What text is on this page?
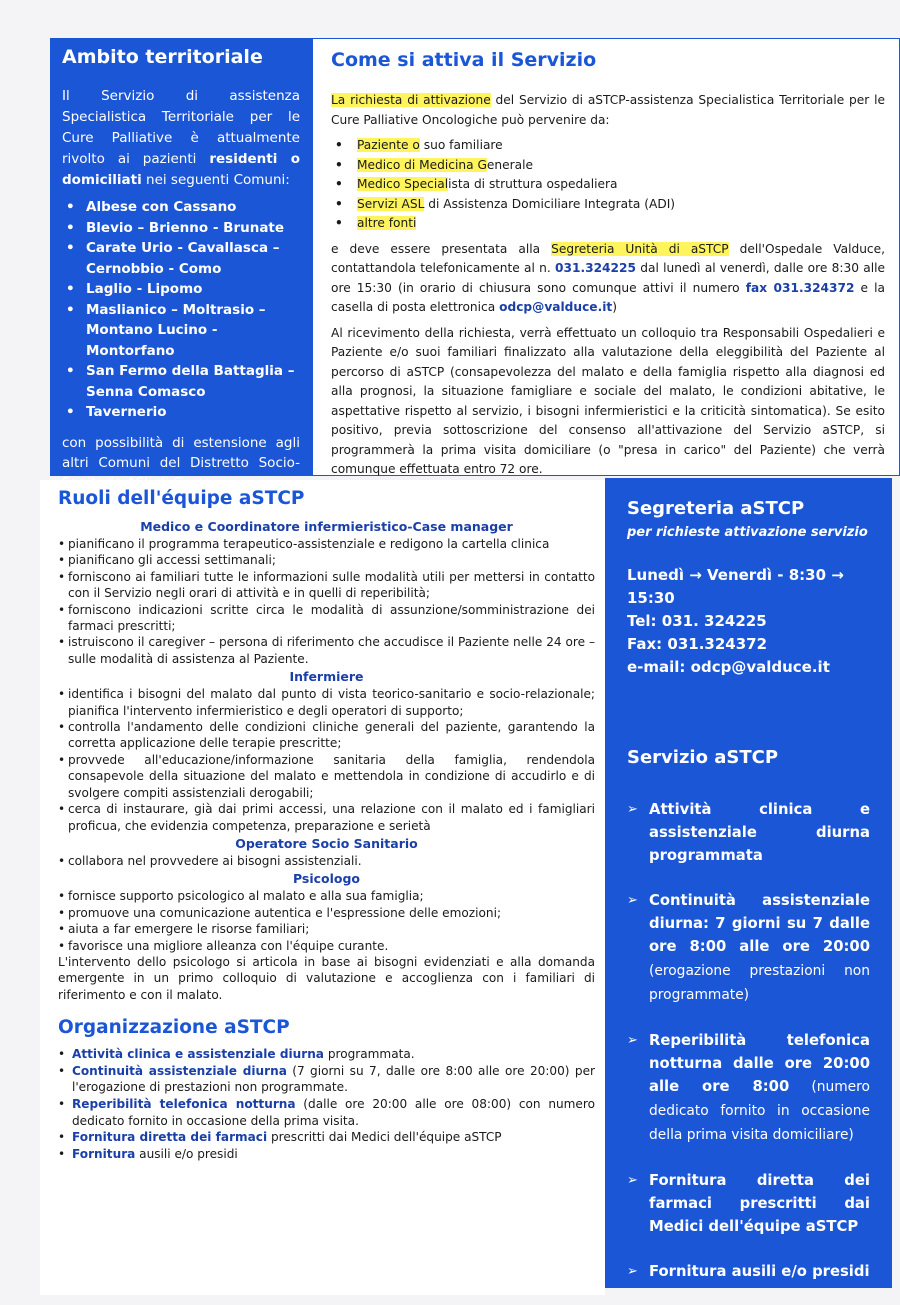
Ambito territoriale

Il Servizio di assistenza Specialistica Territoriale per le Cure Palliative è attualmente rivolto ai pazienti residenti o domiciliati nei seguenti Comuni:

• Albese con Cassano
• Blevio – Brienno - Brunate
• Carate Urio - Cavallasca – Cernobbio - Como
• Laglio - Lipomo
• Maslianico – Moltrasio – Montano Lucino - Montorfano
• San Fermo della Battaglia – Senna Comasco
• Tavernerio

con possibilità di estensione agli altri Comuni del Distretto Socio-

Come si attiva il Servizio

La richiesta di attivazione del Servizio di aSTCP-assistenza Specialistica Territoriale per le Cure Palliative Oncologiche può pervenire da:

• Paziente o suo familiare
• Medico di Medicina Generale
• Medico Specialista di struttura ospedaliera
• Servizi ASL di Assistenza Domiciliare Integrata (ADI)
• altre fonti

e deve essere presentata alla Segreteria Unità di aSTCP dell'Ospedale Valduce, contattandola telefonicamente al n. 031.324225 dal lunedì al venerdì, dalle ore 8:30 alle ore 15:30 (in orario di chiusura sono comunque attivi il numero fax 031.324372 e la casella di posta elettronica odcp@valduce.it)

Al ricevimento della richiesta, verrà effettuato un colloquio tra Responsabili Ospedalieri e Paziente e/o suoi familiari finalizzato alla valutazione della eleggibilità del Paziente al percorso di aSTCP (consapevolezza del malato e della famiglia rispetto alla diagnosi ed alla prognosi, la situazione famigliare e sociale del malato, le condizioni abitative, le aspettative rispetto al servizio, i bisogni infermieristici e la criticità sintomatica). Se esito positivo, previa sottoscrizione del consenso all'attivazione del Servizio aSTCP, si programmerà la prima visita domiciliare (o "presa in carico" del Paziente) che verrà comunque effettuata entro 72 ore.

Ruoli dell'équipe aSTCP
Medico e Coordinatore infermieristico-Case manager
• pianificano il programma terapeutico-assistenziale e redigono la cartella clinica
• pianificano gli accessi settimanali;
• forniscono ai familiari tutte le informazioni sulle modalità utili per mettersi in contatto con il Servizio negli orari di attività e in quelli di reperibilità;
• forniscono indicazioni scritte circa le modalità di assunzione/somministrazione dei farmaci prescritti;
• istruiscono il caregiver – persona di riferimento che accudisce il Paziente nelle 24 ore – sulle modalità di assistenza al Paziente.
Infermiere
• identifica i bisogni del malato dal punto di vista teorico-sanitario e socio-relazionale; pianifica l'intervento infermieristico e degli operatori di supporto;
• controlla l'andamento delle condizioni cliniche generali del paziente, garantendo la corretta applicazione delle terapie prescritte;
• provvede all'educazione/informazione sanitaria della famiglia, rendendola consapevole della situazione del malato e mettendola in condizione di accudirlo e di svolgere compiti assistenziali derogabili;
• cerca di instaurare, già dai primi accessi, una relazione con il malato ed i famigliari proficua, che evidenzia competenza, preparazione e serietà
Operatore Socio Sanitario
• collabora nel provvedere ai bisogni assistenziali.
Psicologo
• fornisce supporto psicologico al malato e alla sua famiglia;
• promuove una comunicazione autentica e l'espressione delle emozioni;
• aiuta a far emergere le risorse familiari;
• favorisce una migliore alleanza con l'équipe curante.

L'intervento dello psicologo si articola in base ai bisogni evidenziati e alla domanda emergente in un primo colloquio di valutazione e accoglienza con i familiari di riferimento e con il malato.

Organizzazione aSTCP
• Attività clinica e assistenziale diurna programmata.
• Continuità assistenziale diurna (7 giorni su 7, dalle ore 8:00 alle ore 20:00) per l'erogazione di prestazioni non programmate.
• Reperibilità telefonica notturna (dalle ore 20:00 alle ore 08:00) con numero dedicato fornito in occasione della prima visita.
• Fornitura diretta dei farmaci prescritti dai Medici dell'équipe aSTCP
• Fornitura ausili e/o presidi
Segreteria aSTCP
per richieste attivazione servizio
Lunedì → Venerdì - 8:30 → 15:30
Tel: 031. 324225
Fax: 031.324372
e-mail: odcp@valduce.it
Servizio aSTCP
➢ Attività clinica e assistenziale diurna programmata
➢ Continuità assistenziale diurna: 7 giorni su 7 dalle ore 8:00 alle ore 20:00 (erogazione prestazioni non programmate)
➢ Reperibilità telefonica notturna dalle ore 20:00 alle ore 8:00 (numero dedicato fornito in occasione della prima visita domiciliare)
➢ Fornitura diretta dei farmaci prescritti dai Medici dell'équipe aSTCP
➢ Fornitura ausili e/o presidi
